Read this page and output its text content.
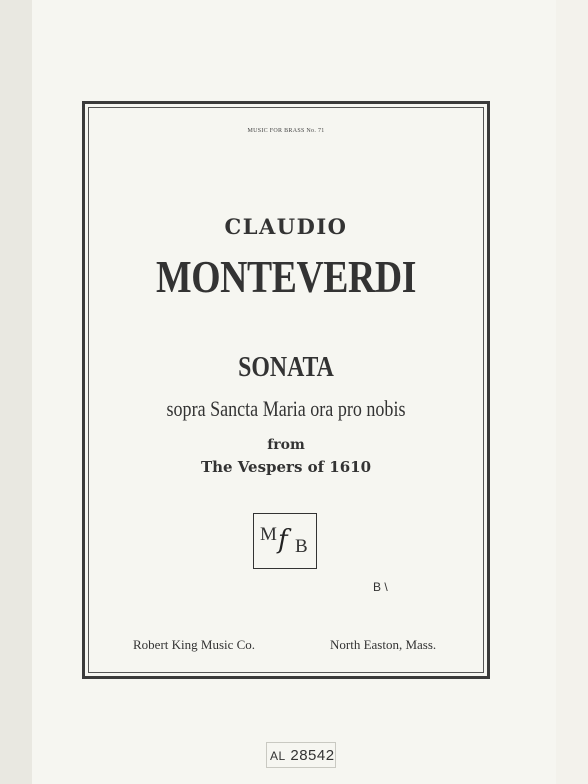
MUSIC FOR BRASS No. 71
CLAUDIO
MONTEVERDI
SONATA
sopra Sancta Maria ora pro nobis
from
The Vespers of 1610
M f B
B \
Robert King Music Co.	North Easton, Mass.
AL 28542
